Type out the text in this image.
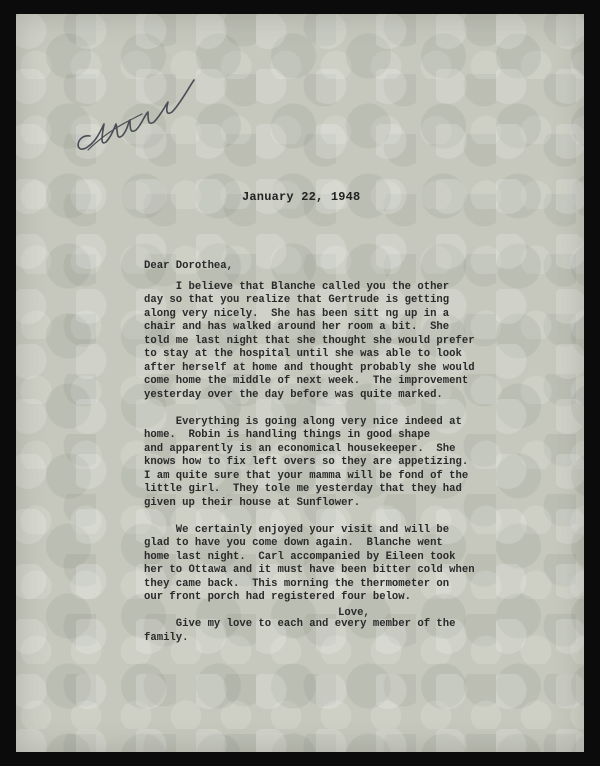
January 22, 1948
Dear Dorothea,
I believe that Blanche called you the other
day so that you realize that Gertrude is getting
along very nicely.  She has been sitt ng up in a
chair and has walked around her room a bit.  She
told me last night that she thought she would prefer
to stay at the hospital until she was able to look
after herself at home and thought probably she would
come home the middle of next week.  The improvement
yesterday over the day before was quite marked.
Everything is going along very nice indeed at
home.  Robin is handling things in good shape
and apparently is an economical housekeeper.  She
knows how to fix left overs so they are appetizing.
I am quite sure that your mamma will be fond of the
little girl.  They tole me yesterday that they had
given up their house at Sunflower.
We certainly enjoyed your visit and will be
glad to have you come down again.  Blanche went
home last night.  Carl accompanied by Eileen took
her to Ottawa and it must have been bitter cold when
they came back.  This morning the thermometer on
our front porch had registered four below.
Give my love to each and every member of the
family.
Love,
